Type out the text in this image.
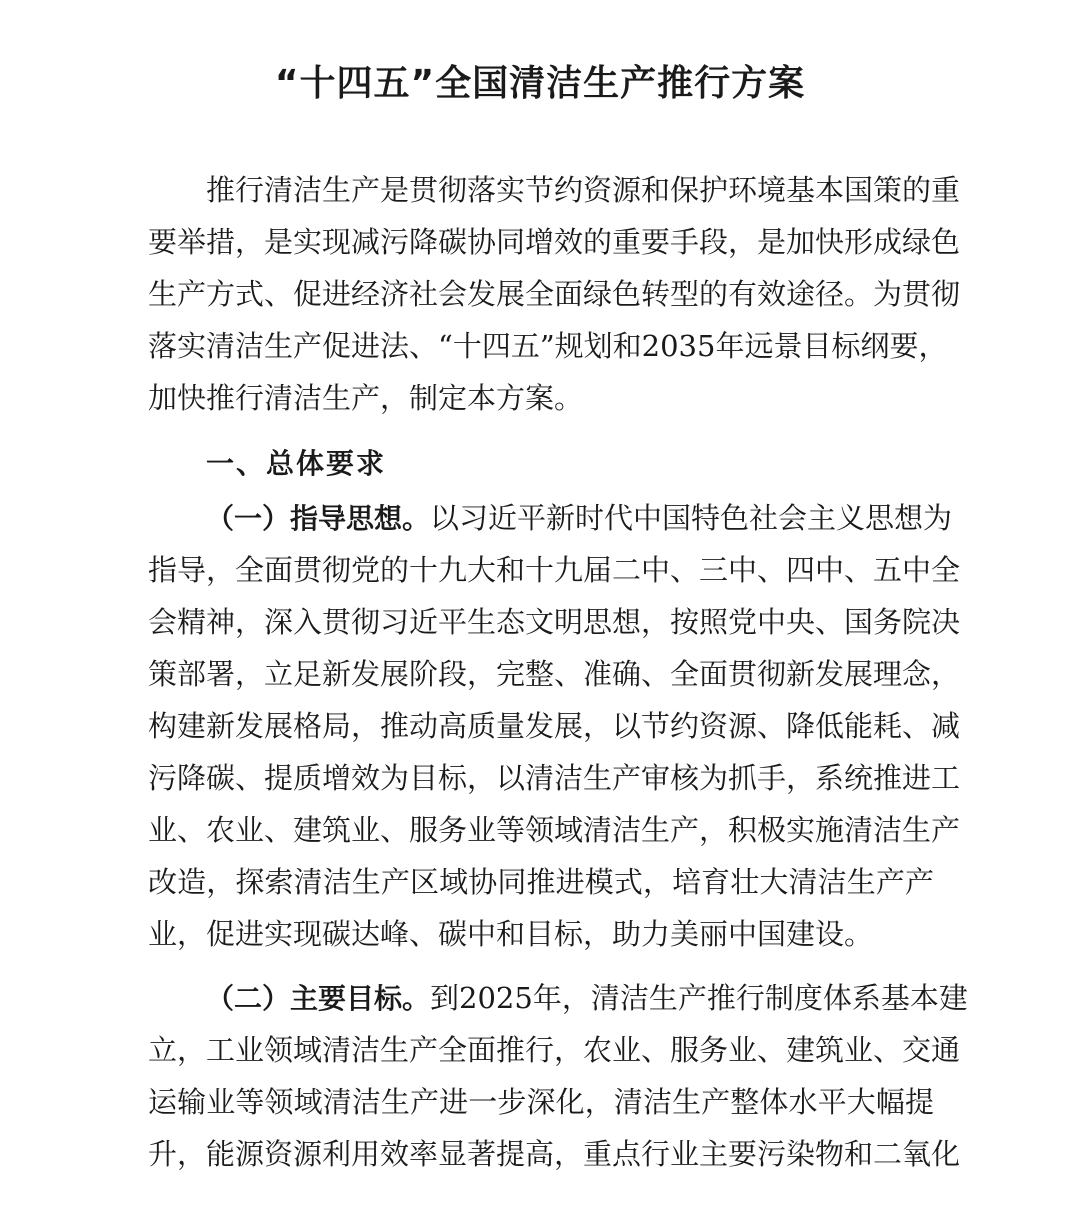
“十四五”全国清洁生产推行方案
推行清洁生产是贯彻落实节约资源和保护环境基本国策的重
要举措，是实现减污降碳协同增效的重要手段，是加快形成绿色
生产方式、促进经济社会发展全面绿色转型的有效途径。为贯彻
落实清洁生产促进法、“十四五”规划和2035年远景目标纲要，
加快推行清洁生产，制定本方案。
一、总体要求
（一）指导思想。以习近平新时代中国特色社会主义思想为
指导，全面贯彻党的十九大和十九届二中、三中、四中、五中全
会精神，深入贯彻习近平生态文明思想，按照党中央、国务院决
策部署，立足新发展阶段，完整、准确、全面贯彻新发展理念，
构建新发展格局，推动高质量发展，以节约资源、降低能耗、减
污降碳、提质增效为目标，以清洁生产审核为抓手，系统推进工
业、农业、建筑业、服务业等领域清洁生产，积极实施清洁生产
改造，探索清洁生产区域协同推进模式，培育壮大清洁生产产
业，促进实现碳达峰、碳中和目标，助力美丽中国建设。
（二）主要目标。到2025年，清洁生产推行制度体系基本建
立，工业领域清洁生产全面推行，农业、服务业、建筑业、交通
运输业等领域清洁生产进一步深化，清洁生产整体水平大幅提
升，能源资源利用效率显著提高，重点行业主要污染物和二氧化
